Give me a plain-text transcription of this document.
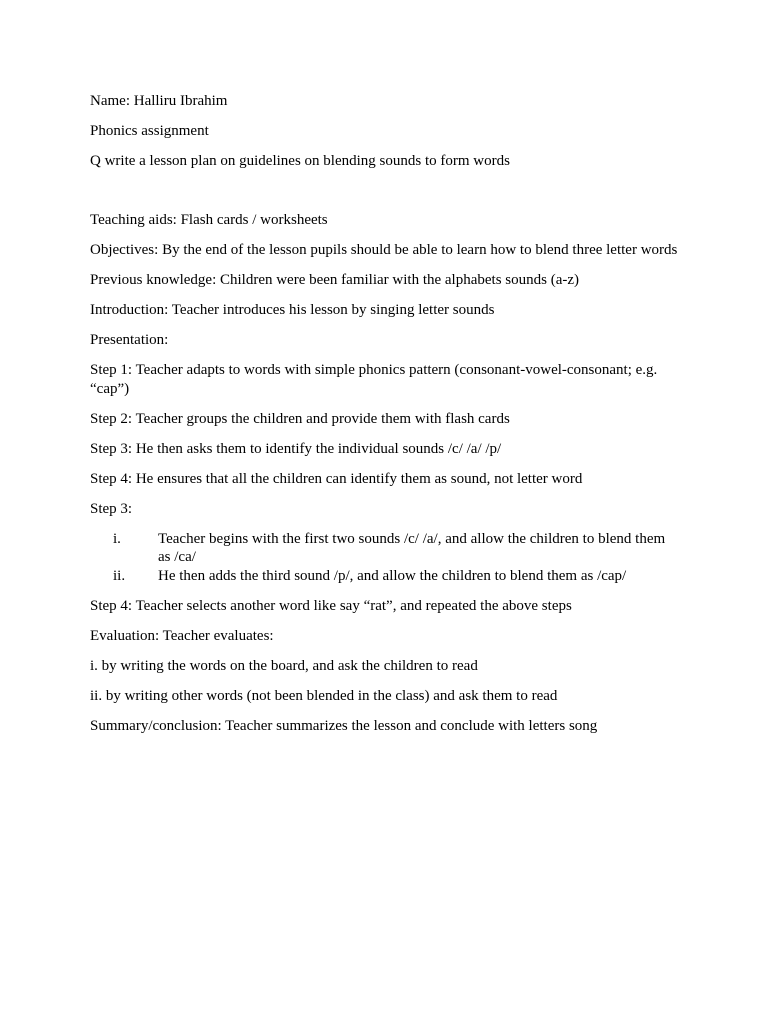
Name: Halliru Ibrahim

Phonics assignment

Q write a lesson plan on guidelines on blending sounds to form words

Teaching aids: Flash cards / worksheets

Objectives: By the end of the lesson pupils should be able to learn how to blend three letter words

Previous knowledge: Children were been familiar with the alphabets sounds (a-z)

Introduction: Teacher introduces his lesson by singing letter sounds

Presentation:

Step 1: Teacher adapts to words with simple phonics pattern (consonant-vowel-consonant; e.g. “cap”)

Step 2: Teacher groups the children and provide them with flash cards

Step 3: He then asks them to identify the individual sounds /c/ /a/ /p/

Step 4: He ensures that all the children can identify them as sound, not letter word

Step 3:

i.	Teacher begins with the first two sounds /c/ /a/, and allow the children to blend them as /ca/
ii.	He then adds the third sound /p/, and allow the children to blend them as /cap/

Step 4: Teacher selects another word like say “rat”, and repeated the above steps

Evaluation: Teacher evaluates:

i. by writing the words on the board, and ask the children to read

ii. by writing other words (not been blended in the class) and ask them to read

Summary/conclusion: Teacher summarizes the lesson and conclude with letters song
